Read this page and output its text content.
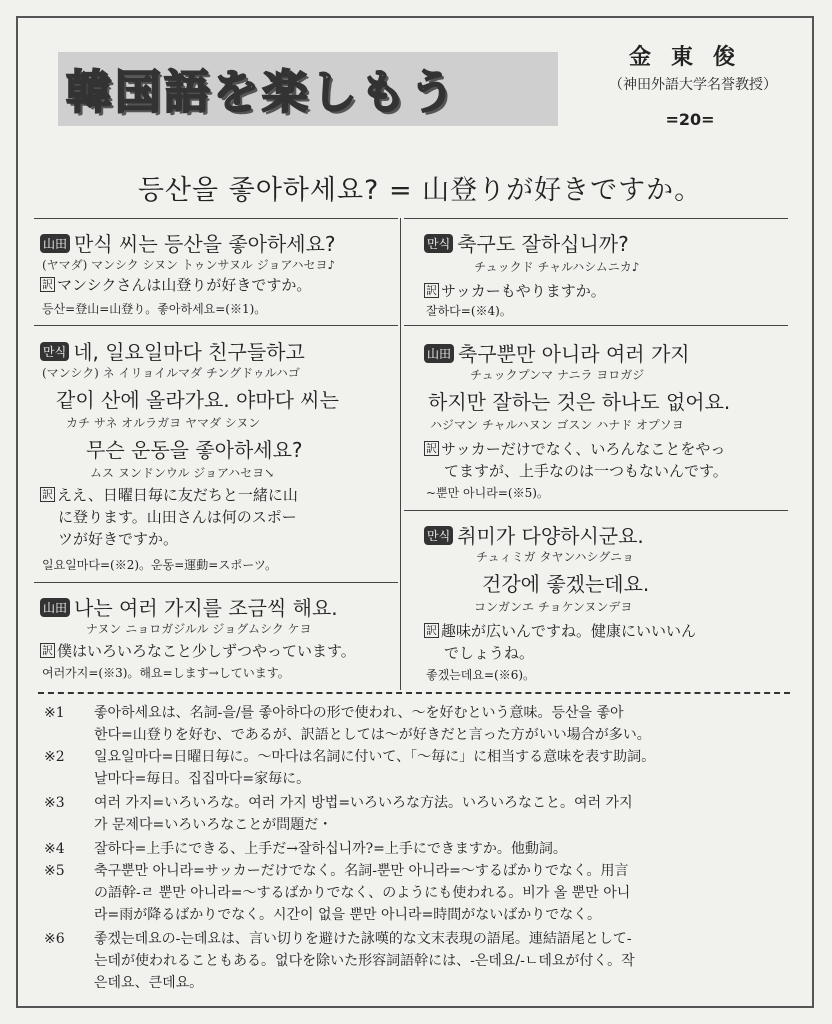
韓国語を楽しもう
金東俊
（神田外語大学名誉教授）
=20=
등산을 좋아하세요? = 山登りが好きですか。
山田 만식 씨는 등산을 좋아하세요?
(ヤマダ) マンシク シヌン トゥンサヌル ジョアハセヨ♪
訳 マンシクさんは山登りが好きですか。
등산=登山=山登り。좋아하세요=(※1)。
만식 네, 일요일마다 친구들하고
(マンシク) ネ イリョイルマダ チングドゥルハゴ
같이 산에 올라가요. 야마다 씨는
カチ サネ オルラガヨ ヤマダ シヌン
무슨 운동을 좋아하세요?
ムス ヌンドンウル ジョアハセヨ↘
訳 ええ、日曜日毎に友だちと一緒に山
に登ります。山田さんは何のスポー
ツが好きですか。
일요일마다=(※2)。운동=運動=スポーツ。
山田 나는 여러 가지를 조금씩 해요.
ナヌン ニョロガジルル ジョグムシク ケヨ
訳 僕はいろいろなこと少しずつやっています。
여러가지=(※3)。해요=します→しています。
만식 축구도 잘하십니까?
チュックド チャルハシムニカ♪
訳 サッカーもやりますか。
잘하다=(※4)。
山田 축구뿐만 아니라 여러 가지
チュックプンマ ナニラ ヨロガジ
하지만 잘하는 것은 하나도 없어요.
ハジマン チャルハヌン ゴスン ハナド オプソヨ
訳 サッカーだけでなく、いろんなことをやっ
てますが、上手なのは一つもないんです。
~뿐만 아니라=(※5)。
만식 취미가 다양하시군요.
チュィミガ タヤンハシグニョ
건강에 좋겠는데요.
コンガンエ チョケンヌンデヨ
訳 趣味が広いんですね。健康にいいいん
でしょうね。
좋겠는데요=(※6)。
※1 좋아하세요は、名詞-을/를 좋아하다の形で使われ、～を好むという意味。등산을 좋아
한다=山登りを好む、であるが、訳語としては～が好きだと言った方がいい場合が多い。
※2 일요일마다=日曜日毎に。～마다は名詞に付いて、「～毎に」に相当する意味を表す助詞。
날마다=毎日。집집마다=家毎に。
※3 여러 가지=いろいろな。여러 가지 방법=いろいろな方法。いろいろなこと。여러 가지
가 문제다=いろいろなことが問題だ・
※4 잘하다=上手にできる、上手だ→잘하십니까?=上手にできますか。他動詞。
※5 축구뿐만 아니라=サッカーだけでなく。名詞-뿐만 아니라=～するばかりでなく。用言
の語幹-ㄹ 뿐만 아니라=～するばかりでなく、のようにも使われる。비가 올 뿐만 아니
라=雨が降るばかりでなく。시간이 없을 뿐만 아니라=時間がないばかりでなく。
※6 좋겠는데요の-는데요は、言い切りを避けた詠嘆的な文末表現の語尾。連結語尾として-
는데が使われることもある。없다を除いた形容詞語幹には、-은데요/-ㄴ데요が付く。작
은데요、큰데요。
